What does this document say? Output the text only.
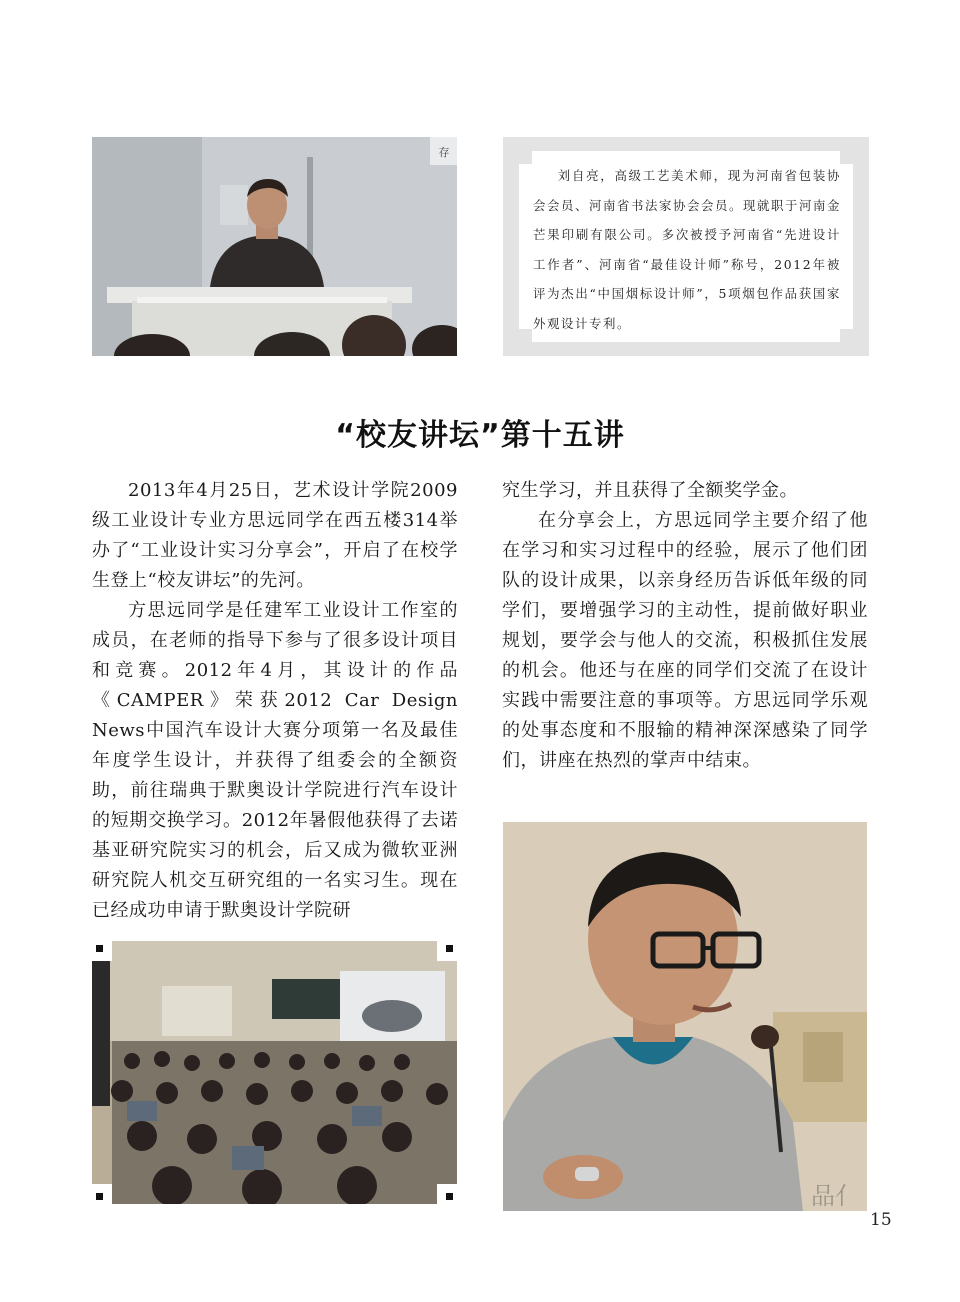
存
刘自亮，高级工艺美术师，现为河南省包装协会会员、河南省书法家协会会员。现就职于河南金芒果印刷有限公司。多次被授予河南省“先进设计工作者”、河南省“最佳设计师”称号，2012年被评为杰出“中国烟标设计师”，5项烟包作品获国家外观设计专利。
“校友讲坛”第十五讲

2013年4月25日，艺术设计学院2009级工业设计专业方思远同学在西五楼314举办了“工业设计实习分享会”，开启了在校学生登上“校友讲坛”的先河。

方思远同学是任建军工业设计工作室的成员，在老师的指导下参与了很多设计项目和竞赛。2012年4月，其设计的作品《CAMPER》荣获2012 Car Design News中国汽车设计大赛分项第一名及最佳年度学生设计，并获得了组委会的全额资助，前往瑞典于默奥设计学院进行汽车设计的短期交换学习。2012年暑假他获得了去诺基亚研究院实习的机会，后又成为微软亚洲研究院人机交互研究组的一名实习生。现在已经成功申请于默奥设计学院研

究生学习，并且获得了全额奖学金。

在分享会上，方思远同学主要介绍了他在学习和实习过程中的经验，展示了他们团队的设计成果，以亲身经历告诉低年级的同学们，要增强学习的主动性，提前做好职业规划，要学会与他人的交流，积极抓住发展的机会。他还与在座的同学们交流了在设计实践中需要注意的事项等。方思远同学乐观的处事态度和不服输的精神深深感染了同学们，讲座在热烈的掌声中结束。

品亻
15
